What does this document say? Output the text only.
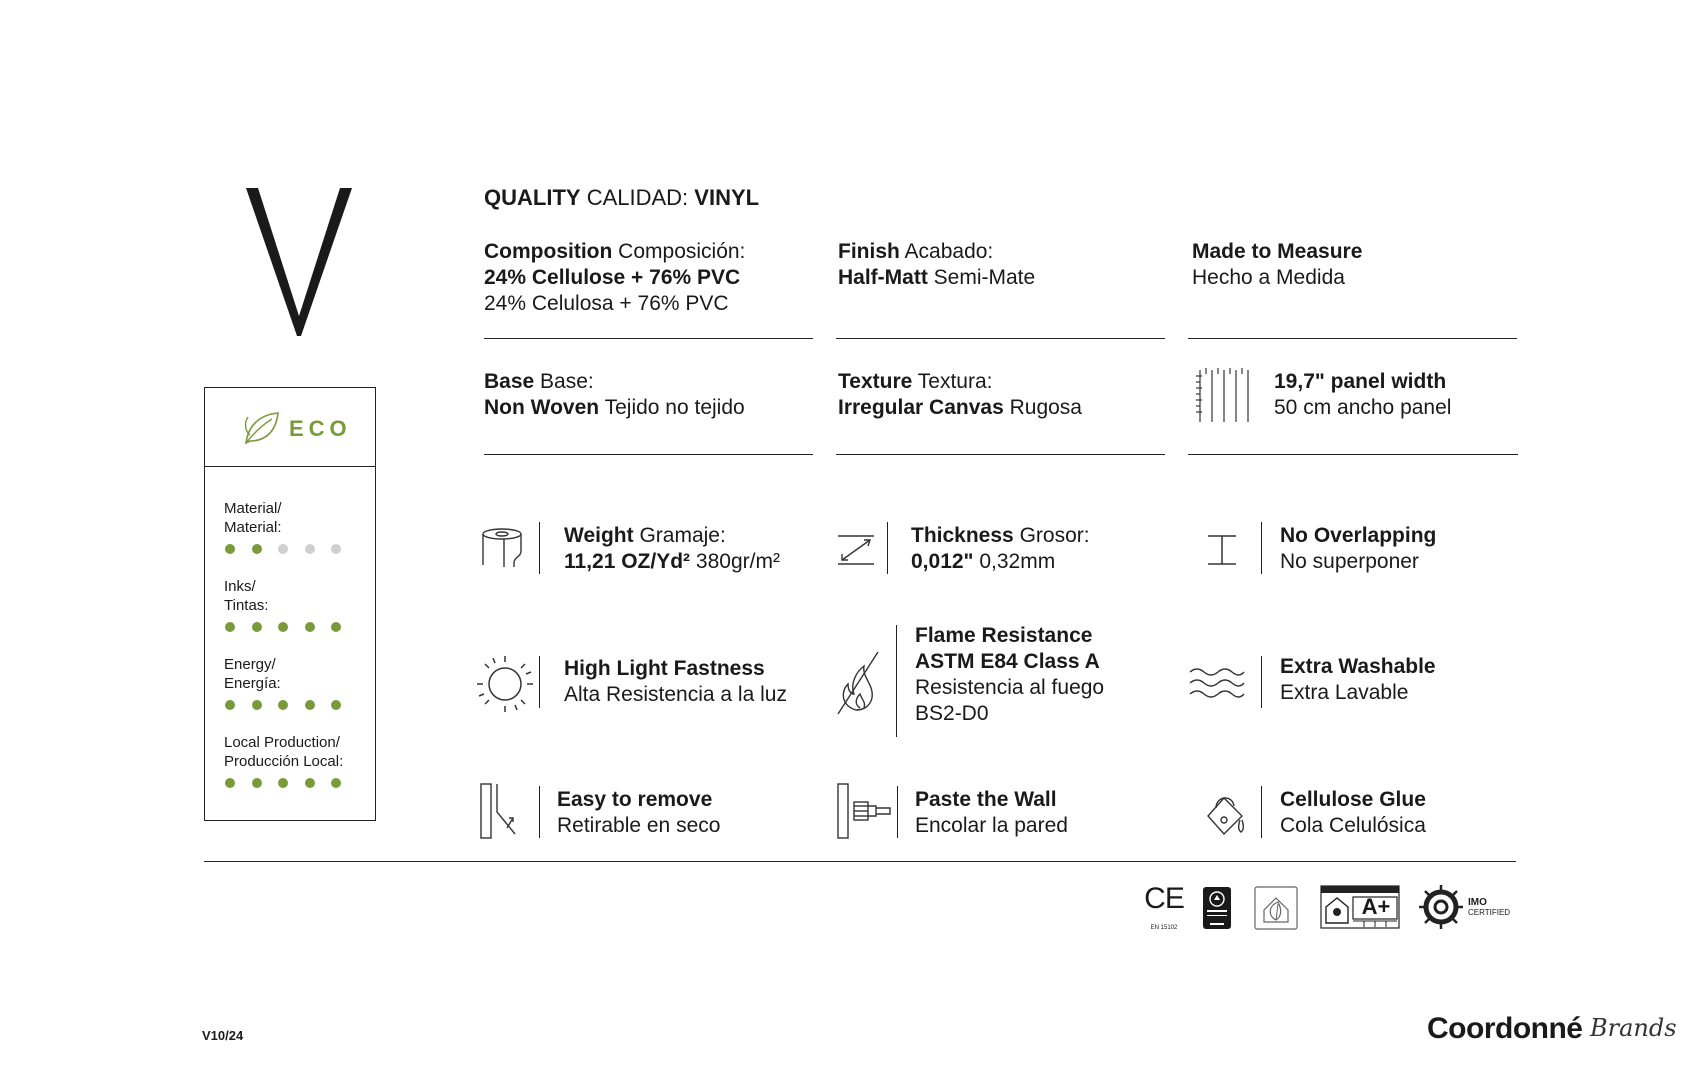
ECO
Material/
Material:
Inks/
Tintas:
Energy/
Energía:
Local Production/
Producción Local:
QUALITY CALIDAD: VINYL
Composition Composición:
24% Cellulose + 76% PVC
24% Celulosa + 76% PVC
Finish Acabado:
Half-Matt Semi-Mate
Made to Measure
Hecho a Medida
Base Base:
Non Woven Tejido no tejido
Texture Textura:
Irregular Canvas Rugosa
19,7" panel width
50 cm ancho panel
Weight Gramaje:
11,21 OZ/Yd² 380gr/m²
Thickness Grosor:
0,012" 0,32mm
No Overlapping
No superponer
High Light Fastness
Alta Resistencia a la luz
Flame Resistance
ASTM E84 Class A
Resistencia al fuego
BS2-D0
Extra Washable
Extra Lavable
Easy to remove
Retirable en seco
Paste the Wall
Encolar la pared
Cellulose Glue
Cola Celulósica
CE
EN 15102
A+	IMO
CERTIFIED
V10/24	Coordonné Brands
